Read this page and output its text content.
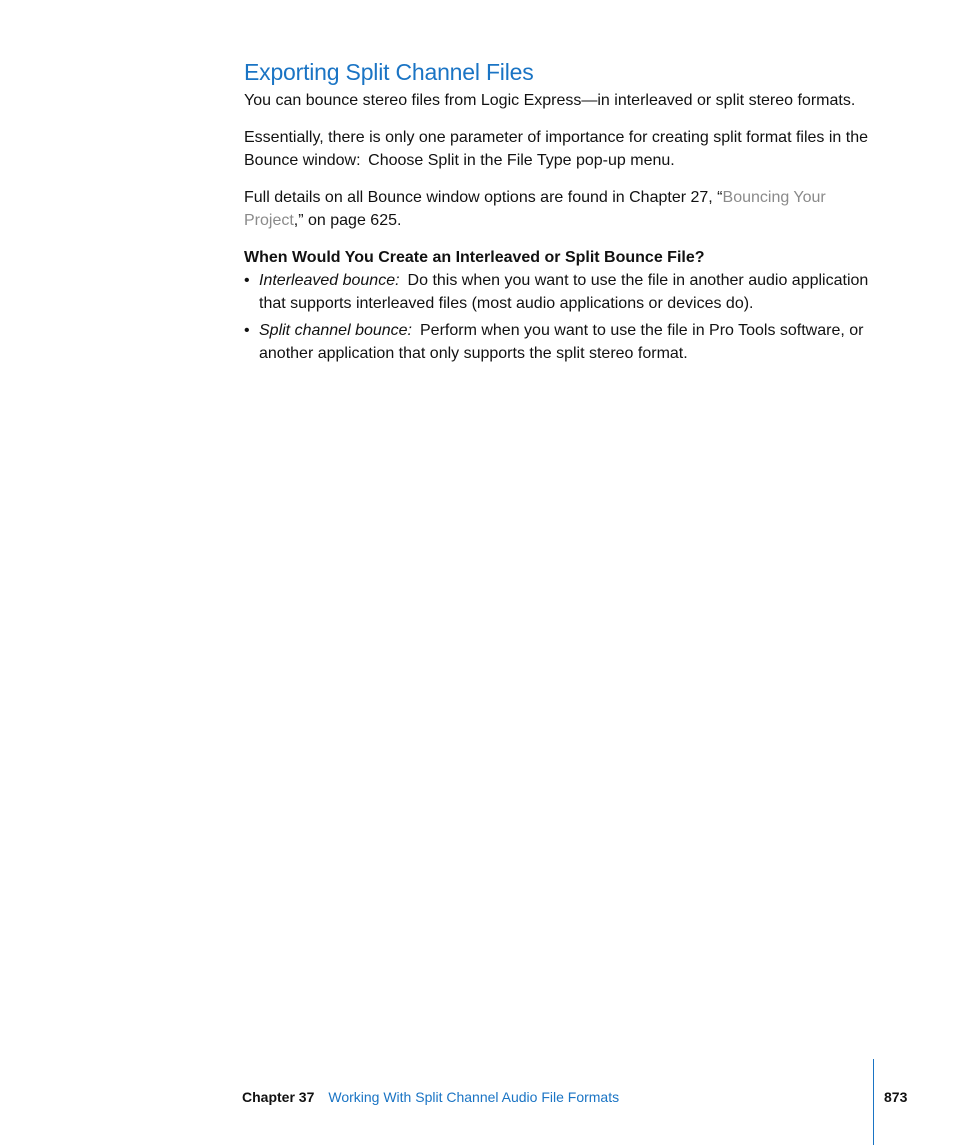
Exporting Split Channel Files

You can bounce stereo files from Logic Express—in interleaved or split stereo formats.

Essentially, there is only one parameter of importance for creating split format files in the Bounce window:  Choose Split in the File Type pop-up menu.

Full details on all Bounce window options are found in Chapter 27, “Bouncing Your Project,” on page 625.

When Would You Create an Interleaved or Split Bounce File?
• Interleaved bounce: Do this when you want to use the file in another audio application that supports interleaved files (most audio applications or devices do).
• Split channel bounce: Perform when you want to use the file in Pro Tools software, or another application that only supports the split stereo format.
Chapter 37 Working With Split Channel Audio File Formats	873
